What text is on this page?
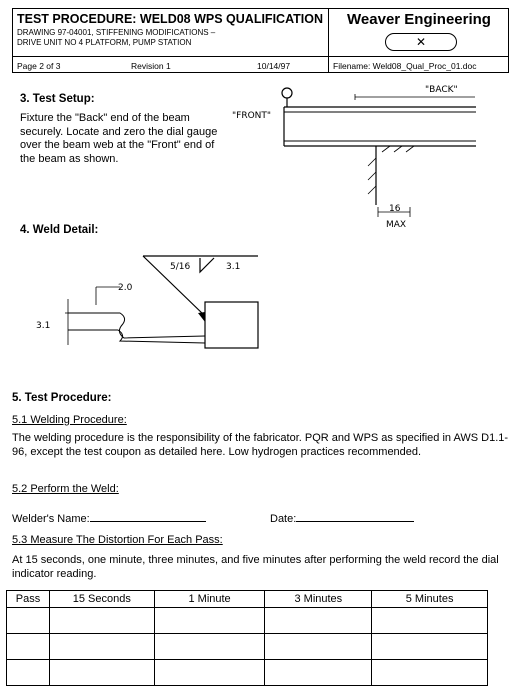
TEST PROCEDURE: WELD08 WPS QUALIFICATION
DRAWING 97-04001, STIFFENING MODIFICATIONS –
DRIVE UNIT NO 4 PLATFORM, PUMP STATION
Weaver Engineering
✕
Page 2 of 3	Revision 1	10/14/97	Filename: Weld08_Qual_Proc_01.doc
3. Test Setup:
Fixture the "Back" end of the beam securely. Locate and zero the dial gauge over the beam web at the "Front" end of the beam as shown.
"FRONT"
"BACK"
16
MAX
5/16	3.1
2.0
3.1
4. Weld Detail:
5. Test Procedure:
5.1 Welding Procedure:
The welding procedure is the responsibility of the fabricator. PQR and WPS as specified in AWS D1.1-96, except the test coupon as detailed here. Low hydrogen practices recommended.
5.2 Perform the Weld:
Welder's Name:	Date:
5.3 Measure The Distortion For Each Pass:
At 15 seconds, one minute, three minutes, and five minutes after performing the weld record the dial indicator reading.
Pass	15 Seconds	1 Minute	3 Minutes	5 Minutes
